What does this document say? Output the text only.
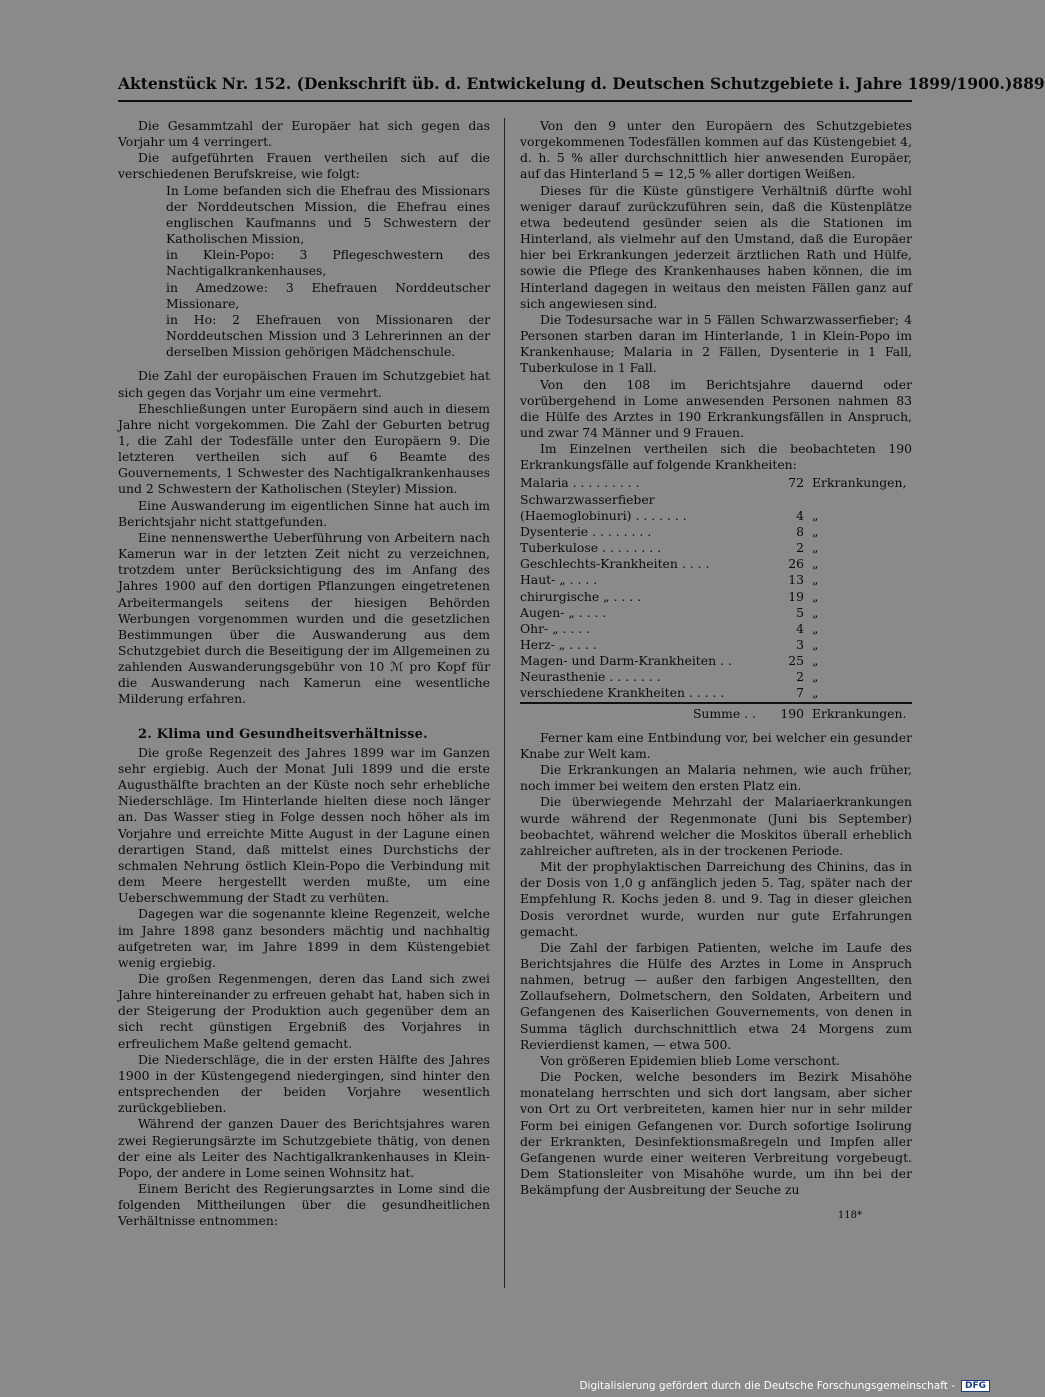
Aktenstück Nr. 152. (Denkschrift üb. d. Entwickelung d. Deutschen Schutzgebiete i. Jahre 1899/1900.) 889

Die Gesammtzahl der Europäer hat sich gegen das Vorjahr um 4 verringert.

Die aufgeführten Frauen vertheilen sich auf die verschiedenen Berufskreise, wie folgt:

In Lome befanden sich die Ehefrau des Missionars der Norddeutschen Mission, die Ehefrau eines englischen Kaufmanns und 5 Schwestern der Katholischen Mission,

in Klein-Popo: 3 Pflegeschwestern des Nachtigalkrankenhauses,

in Amedzowe: 3 Ehefrauen Norddeutscher Missionare,

in Ho: 2 Ehefrauen von Missionaren der Norddeutschen Mission und 3 Lehrerinnen an der derselben Mission gehörigen Mädchenschule.

Die Zahl der europäischen Frauen im Schutzgebiet hat sich gegen das Vorjahr um eine vermehrt.

Eheschließungen unter Europäern sind auch in diesem Jahre nicht vorgekommen. Die Zahl der Geburten betrug 1, die Zahl der Todesfälle unter den Europäern 9. Die letzteren vertheilen sich auf 6 Beamte des Gouvernements, 1 Schwester des Nachtigalkrankenhauses und 2 Schwestern der Katholischen (Steyler) Mission.

Eine Auswanderung im eigentlichen Sinne hat auch im Berichtsjahr nicht stattgefunden.

Eine nennenswerthe Ueberführung von Arbeitern nach Kamerun war in der letzten Zeit nicht zu verzeichnen, trotzdem unter Berücksichtigung des im Anfang des Jahres 1900 auf den dortigen Pflanzungen eingetretenen Arbeitermangels seitens der hiesigen Behörden Werbungen vorgenommen wurden und die gesetzlichen Bestimmungen über die Auswanderung aus dem Schutzgebiet durch die Beseitigung der im Allgemeinen zu zahlenden Auswanderungsgebühr von 10 ℳ pro Kopf für die Auswanderung nach Kamerun eine wesentliche Milderung erfahren.

2. Klima und Gesundheitsverhältnisse.

Die große Regenzeit des Jahres 1899 war im Ganzen sehr ergiebig. Auch der Monat Juli 1899 und die erste Augusthälfte brachten an der Küste noch sehr erhebliche Niederschläge. Im Hinterlande hielten diese noch länger an. Das Wasser stieg in Folge dessen noch höher als im Vorjahre und erreichte Mitte August in der Lagune einen derartigen Stand, daß mittelst eines Durchstichs der schmalen Nehrung östlich Klein-Popo die Verbindung mit dem Meere hergestellt werden mußte, um eine Ueberschwemmung der Stadt zu verhüten.

Dagegen war die sogenannte kleine Regenzeit, welche im Jahre 1898 ganz besonders mächtig und nachhaltig aufgetreten war, im Jahre 1899 in dem Küstengebiet wenig ergiebig.

Die großen Regenmengen, deren das Land sich zwei Jahre hintereinander zu erfreuen gehabt hat, haben sich in der Steigerung der Produktion auch gegenüber dem an sich recht günstigen Ergebniß des Vorjahres in erfreulichem Maße geltend gemacht.

Die Niederschläge, die in der ersten Hälfte des Jahres 1900 in der Küstengegend niedergingen, sind hinter den entsprechenden der beiden Vorjahre wesentlich zurückgeblieben.

Während der ganzen Dauer des Berichtsjahres waren zwei Regierungsärzte im Schutzgebiete thätig, von denen der eine als Leiter des Nachtigalkrankenhauses in Klein-Popo, der andere in Lome seinen Wohnsitz hat.

Einem Bericht des Regierungsarztes in Lome sind die folgenden Mittheilungen über die gesundheitlichen Verhältnisse entnommen:

Von den 9 unter den Europäern des Schutzgebietes vorgekommenen Todesfällen kommen auf das Küstengebiet 4, d. h. 5 % aller durchschnittlich hier anwesenden Europäer, auf das Hinterland 5 = 12,5 % aller dortigen Weißen.

Dieses für die Küste günstigere Verhältniß dürfte wohl weniger darauf zurückzuführen sein, daß die Küstenplätze etwa bedeutend gesünder seien als die Stationen im Hinterland, als vielmehr auf den Umstand, daß die Europäer hier bei Erkrankungen jederzeit ärztlichen Rath und Hülfe, sowie die Pflege des Krankenhauses haben können, die im Hinterland dagegen in weitaus den meisten Fällen ganz auf sich angewiesen sind.

Die Todesursache war in 5 Fällen Schwarzwasserfieber; 4 Personen starben daran im Hinterlande, 1 in Klein-Popo im Krankenhause; Malaria in 2 Fällen, Dysenterie in 1 Fall, Tuberkulose in 1 Fall.

Von den 108 im Berichtsjahre dauernd oder vorübergehend in Lome anwesenden Personen nahmen 83 die Hülfe des Arztes in 190 Erkrankungsfällen in Anspruch, und zwar 74 Männer und 9 Frauen.

Im Einzelnen vertheilen sich die beobachteten 190 Erkrankungsfälle auf folgende Krankheiten:

Malaria . . . . . . . . .	72	Erkrankungen,
Schwarzwasserfieber (Haemoglobinuri) . . . . . . .	4	„
Dysenterie . . . . . . . .	8	„
Tuberkulose . . . . . . . .	2	„
Geschlechts-Krankheiten . . . .	26	„
Haut- „ . . . .	13	„
chirurgische „ . . . .	19	„
Augen- „ . . . .	5	„
Ohr- „ . . . .	4	„
Herz- „ . . . .	3	„
Magen- und Darm-Krankheiten . .	25	„
Neurasthenie . . . . . . .	2	„
verschiedene Krankheiten . . . . .	7	„
Summe . .	190	Erkrankungen.

Ferner kam eine Entbindung vor, bei welcher ein gesunder Knabe zur Welt kam.

Die Erkrankungen an Malaria nehmen, wie auch früher, noch immer bei weitem den ersten Platz ein.

Die überwiegende Mehrzahl der Malariaerkrankungen wurde während der Regenmonate (Juni bis September) beobachtet, während welcher die Moskitos überall erheblich zahlreicher auftreten, als in der trockenen Periode.

Mit der prophylaktischen Darreichung des Chinins, das in der Dosis von 1,0 g anfänglich jeden 5. Tag, später nach der Empfehlung R. Kochs jeden 8. und 9. Tag in dieser gleichen Dosis verordnet wurde, wurden nur gute Erfahrungen gemacht.

Die Zahl der farbigen Patienten, welche im Laufe des Berichtsjahres die Hülfe des Arztes in Lome in Anspruch nahmen, betrug — außer den farbigen Angestellten, den Zollaufsehern, Dolmetschern, den Soldaten, Arbeitern und Gefangenen des Kaiserlichen Gouvernements, von denen in Summa täglich durchschnittlich etwa 24 Morgens zum Revierdienst kamen, — etwa 500.

Von größeren Epidemien blieb Lome verschont.

Die Pocken, welche besonders im Bezirk Misahöhe monatelang herrschten und sich dort langsam, aber sicher von Ort zu Ort verbreiteten, kamen hier nur in sehr milder Form bei einigen Gefangenen vor. Durch sofortige Isolirung der Erkrankten, Desinfektionsmaßregeln und Impfen aller Gefangenen wurde einer weiteren Verbreitung vorgebeugt. Dem Stationsleiter von Misahöhe wurde, um ihn bei der Bekämpfung der Ausbreitung der Seuche zu

118*
Digitalisierung gefördert durch die Deutsche Forschungsgemeinschaft -	DFG
